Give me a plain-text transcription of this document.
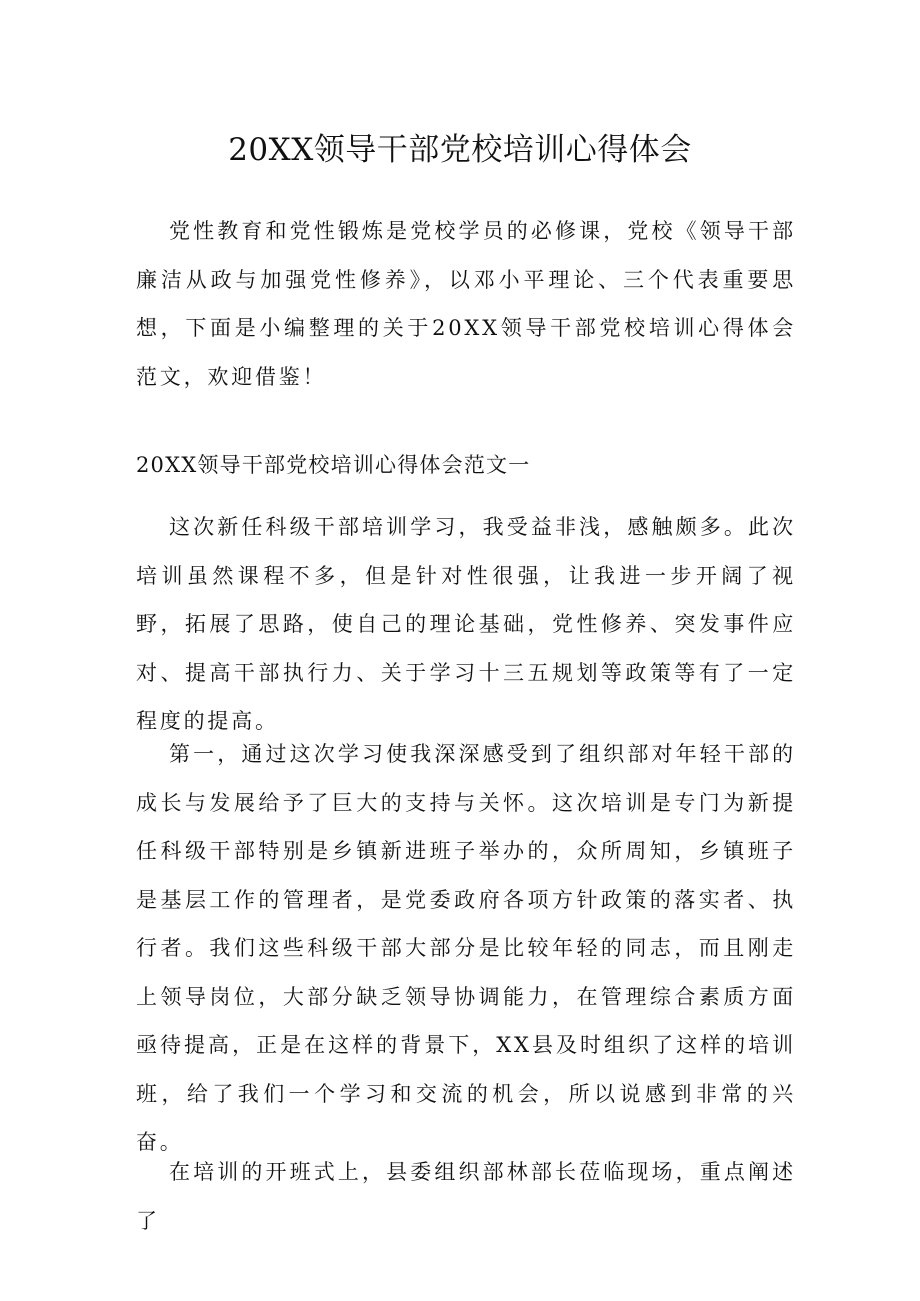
20XX领导干部党校培训心得体会

党性教育和党性锻炼是党校学员的必修课，党校《领导干部廉洁从政与加强党性修养》，以邓小平理论、三个代表重要思想，下面是小编整理的关于20XX领导干部党校培训心得体会范文，欢迎借鉴！

20XX领导干部党校培训心得体会范文一

这次新任科级干部培训学习，我受益非浅，感触颇多。此次培训虽然课程不多，但是针对性很强，让我进一步开阔了视野，拓展了思路，使自己的理论基础，党性修养、突发事件应对、提高干部执行力、关于学习十三五规划等政策等有了一定程度的提高。

第一，通过这次学习使我深深感受到了组织部对年轻干部的成长与发展给予了巨大的支持与关怀。这次培训是专门为新提任科级干部特别是乡镇新进班子举办的，众所周知，乡镇班子是基层工作的管理者，是党委政府各项方针政策的落实者、执行者。我们这些科级干部大部分是比较年轻的同志，而且刚走上领导岗位，大部分缺乏领导协调能力，在管理综合素质方面亟待提高，正是在这样的背景下，XX县及时组织了这样的培训班，给了我们一个学习和交流的机会，所以说感到非常的兴奋。

在培训的开班式上，县委组织部林部长莅临现场，重点阐述了
